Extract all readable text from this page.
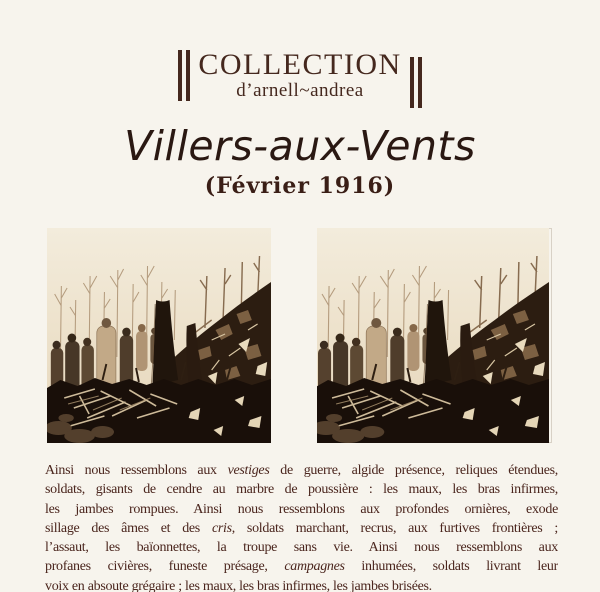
COLLECTION
d’arnell~andrea
Villers-aux-Vents
(Février 1916)
Ainsi nous ressemblons aux vestiges de guerre, algide présence, reliques étendues,
soldats, gisants de cendre au marbre de poussière : les maux, les bras infirmes,
les jambes rompues. Ainsi nous ressemblons aux profondes ornières, exode
sillage des âmes et des cris, soldats marchant, recrus, aux furtives frontières ;
l’assaut, les baïonnettes, la troupe sans vie. Ainsi nous ressemblons aux
profanes civières, funeste présage, campagnes inhumées, soldats livrant leur
voix en absoute grégaire ; les maux, les bras infirmes, les jambes brisées.
